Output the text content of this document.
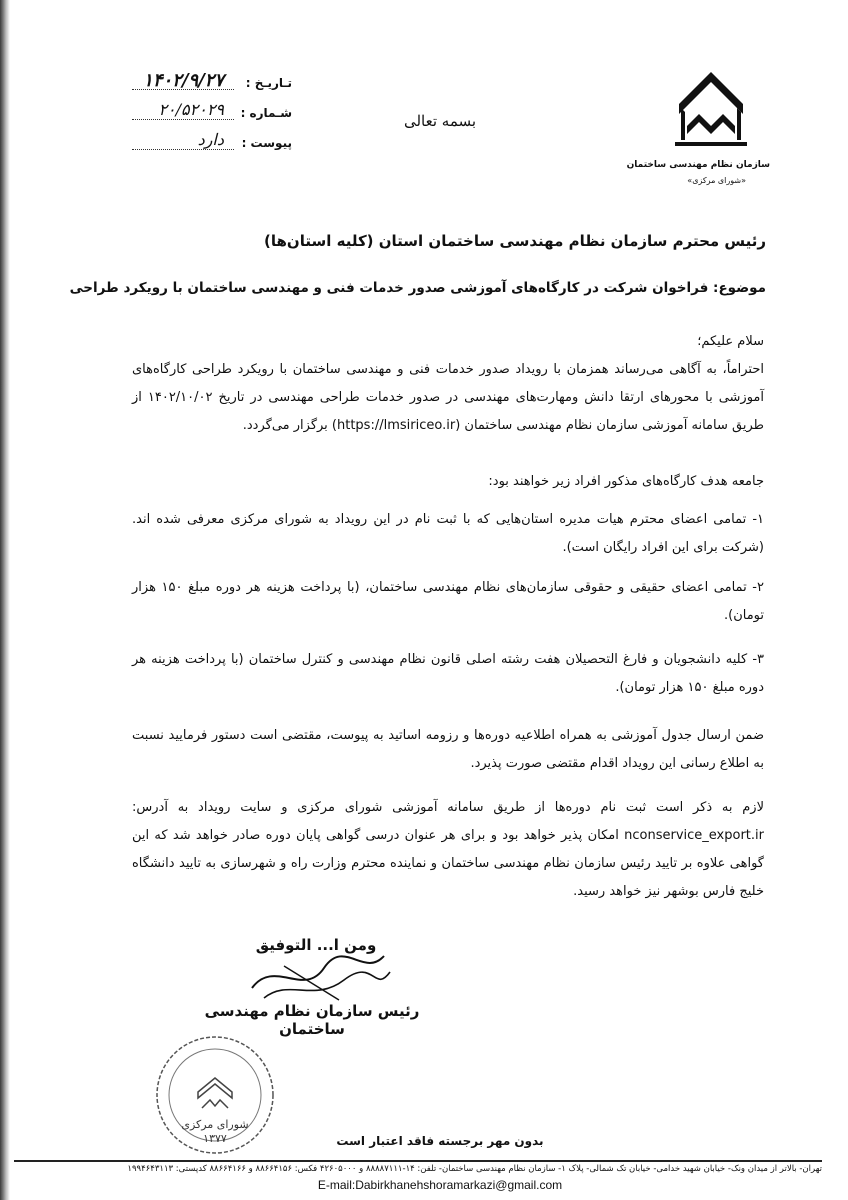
سازمان نظام مهندسی ساختمان
«شورای مرکزی»
بسمه تعالی
تـاریـخ :
۱۴۰۲/۹/۲۷
شـماره :
۲۰/۵۲۰۲۹
پیوست :
دارد
رئیس محترم سازمان نظام مهندسی ساختمان استان (کلیه استان‌ها)
موضوع: فراخوان شرکت در کارگاه‌های آموزشی صدور خدمات فنی و مهندسی ساختمان با رویکرد طراحی
سلام علیکم؛
احتراماً، به آگاهی می‌رساند همزمان با رویداد صدور خدمات فنی و مهندسی ساختمان با رویکرد طراحی کارگاه‌های آموزشی با محورهای ارتقا دانش ومهارت‌های مهندسی در صدور خدمات طراحی مهندسی در تاریخ ۱۴۰۲/۱۰/۰۲ از طریق سامانه آموزشی سازمان نظام مهندسی ساختمان (https://lmsiriceo.ir) برگزار می‌گردد.
جامعه هدف کارگاه‌های مذکور افراد زیر خواهند بود:
۱- تمامی اعضای محترم هیات مدیره استان‌هایی که با ثبت نام در این رویداد به شورای مرکزی معرفی شده اند. (شرکت برای این افراد رایگان است).
۲- تمامی اعضای حقیقی و حقوقی سازمان‌های نظام مهندسی ساختمان، (با پرداخت هزینه هر دوره مبلغ ۱۵۰ هزار تومان).
۳- کلیه دانشجویان و فارغ التحصیلان هفت رشته اصلی قانون نظام مهندسی و کنترل ساختمان (با پرداخت هزینه هر دوره مبلغ ۱۵۰ هزار تومان).
ضمن ارسال جدول آموزشی به همراه اطلاعیه دوره‌ها و رزومه اساتید به پیوست، مقتضی است دستور فرمایید نسبت به اطلاع رسانی این رویداد اقدام مقتضی صورت پذیرد.
لازم به ذکر است ثبت نام دوره‌ها از طریق سامانه آموزشی شورای مرکزی و سایت رویداد به آدرس: nconservice_export.ir امکان پذیر خواهد بود و برای هر عنوان درسی گواهی پایان دوره صادر خواهد شد که این گواهی علاوه بر تایید رئیس سازمان نظام مهندسی ساختمان و نماینده محترم وزارت راه و شهرسازی به تایید دانشگاه خلیج فارس بوشهر نیز خواهد رسید.
ومن ا... التوفیق
رئیس سازمان نظام مهندسی ساختمان
شورای مرکزی
۱۳۷۷	بدون مهر برجسته فاقد اعتبار است
تهران- بالاتر از میدان ونک- خیابان شهید خدامی- خیابان تک شمالی- پلاک ۱- سازمان نظام مهندسی ساختمان- تلفن: ۱۴-۸۸۸۸۷۱۱۱ و ۴۲۶۰۵۰۰۰ فکس: ۸۸۶۶۴۱۵۶ و ۸۸۶۶۴۱۶۶ کدپستی: ۱۹۹۴۶۴۳۱۱۳
E-mail:Dabirkhanehshoramarkazi@gmail.com
